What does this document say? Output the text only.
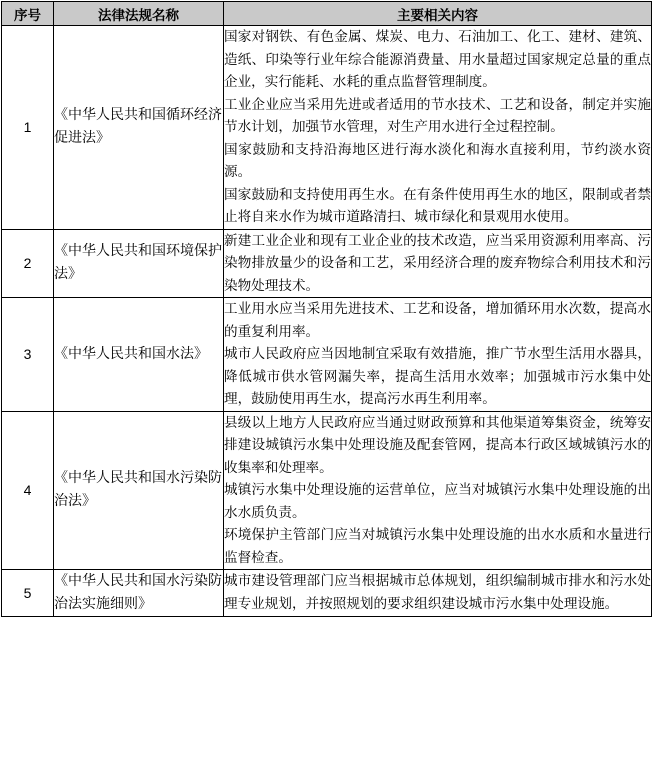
序号	法律法规名称	主要相关内容
1	《中华人民共和国循环经济促进法》	国家对钢铁、有色金属、煤炭、电力、石油加工、化工、建材、建筑、造纸、印染等行业年综合能源消费量、用水量超过国家规定总量的重点企业，实行能耗、水耗的重点监督管理制度。

工业企业应当采用先进或者适用的节水技术、工艺和设备，制定并实施节水计划，加强节水管理，对生产用水进行全过程控制。

国家鼓励和支持沿海地区进行海水淡化和海水直接利用，节约淡水资源。

国家鼓励和支持使用再生水。在有条件使用再生水的地区，限制或者禁止将自来水作为城市道路清扫、城市绿化和景观用水使用。

2	《中华人民共和国环境保护法》	新建工业企业和现有工业企业的技术改造，应当采用资源利用率高、污染物排放量少的设备和工艺，采用经济合理的废弃物综合利用技术和污染物处理技术。

3	《中华人民共和国水法》	工业用水应当采用先进技术、工艺和设备，增加循环用水次数，提高水的重复利用率。

城市人民政府应当因地制宜采取有效措施，推广节水型生活用水器具，降低城市供水管网漏失率，提高生活用水效率；加强城市污水集中处理，鼓励使用再生水，提高污水再生利用率。

4	《中华人民共和国水污染防治法》	县级以上地方人民政府应当通过财政预算和其他渠道筹集资金，统筹安排建设城镇污水集中处理设施及配套管网，提高本行政区域城镇污水的收集率和处理率。

城镇污水集中处理设施的运营单位，应当对城镇污水集中处理设施的出水水质负责。

环境保护主管部门应当对城镇污水集中处理设施的出水水质和水量进行监督检查。

5	《中华人民共和国水污染防治法实施细则》	城市建设管理部门应当根据城市总体规划，组织编制城市排水和污水处理专业规划，并按照规划的要求组织建设城市污水集中处理设施。
